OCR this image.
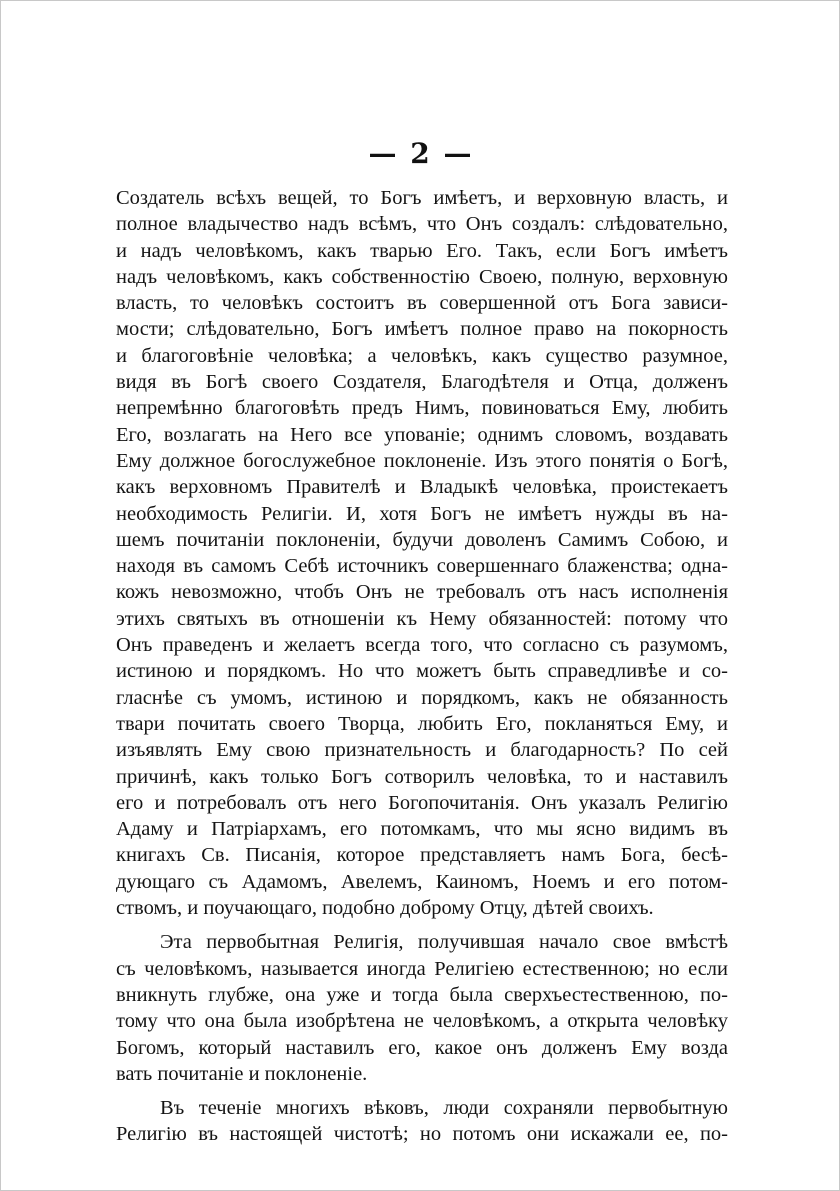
— 2 —
Создатель всѣхъ вещей, то Богъ имѣетъ, и верховную власть, и
полное владычество надъ всѣмъ, что Онъ создалъ: слѣдовательно,
и надъ человѣкомъ, какъ тварью Его. Такъ, если Богъ имѣетъ
надъ человѣкомъ, какъ собственностію Своею, полную, верховную
власть, то человѣкъ состоитъ въ совершенной отъ Бога зависи-
мости; слѣдовательно, Богъ имѣетъ полное право на покорность
и благоговѣніе человѣка; а человѣкъ, какъ существо разумное,
видя въ Богѣ своего Создателя, Благодѣтеля и Отца, долженъ
непремѣнно благоговѣть предъ Нимъ, повиноваться Ему, любить
Его, возлагать на Него все упованіе; однимъ словомъ, воздавать
Ему должное богослужебное поклоненіе. Изъ этого понятія о Богѣ,
какъ верховномъ Правителѣ и Владыкѣ человѣка, проистекаетъ
необходимость Религіи. И, хотя Богъ не имѣетъ нужды въ на-
шемъ почитаніи поклоненіи, будучи доволенъ Самимъ Собою, и
находя въ самомъ Себѣ источникъ совершеннаго блаженства; одна-
кожъ невозможно, чтобъ Онъ не требовалъ отъ насъ исполненія
этихъ святыхъ въ отношеніи къ Нему обязанностей: потому что
Онъ праведенъ и желаетъ всегда того, что согласно съ разумомъ,
истиною и порядкомъ. Но что можетъ быть справедливѣе и со-
гласнѣе съ умомъ, истиною и порядкомъ, какъ не обязанность
твари почитать своего Творца, любить Его, покланяться Ему, и
изъявлять Ему свою признательность и благодарность? По сей
причинѣ, какъ только Богъ сотворилъ человѣка, то и наставилъ
его и потребовалъ отъ него Богопочитанія. Онъ указалъ Религію
Адаму и Патріархамъ, его потомкамъ, что мы ясно видимъ въ
книгахъ Св. Писанія, которое представляетъ намъ Бога, бесѣ-
дующаго съ Адамомъ, Авелемъ, Каиномъ, Ноемъ и его потом-
ствомъ, и поучающаго, подобно доброму Отцу, дѣтей своихъ.
Эта первобытная Религія, получившая начало свое вмѣстѣ
съ человѣкомъ, называется иногда Религіею естественною; но если
вникнуть глубже, она уже и тогда была сверхъестественною, по-
тому что она была изобрѣтена не человѣкомъ, а открыта человѣку
Богомъ, который наставилъ его, какое онъ долженъ Ему возда
вать почитаніе и поклоненіе.
Въ теченіе многихъ вѣковъ, люди сохраняли первобытную
Религію въ настоящей чистотѣ; но потомъ они искажали ее, по-
